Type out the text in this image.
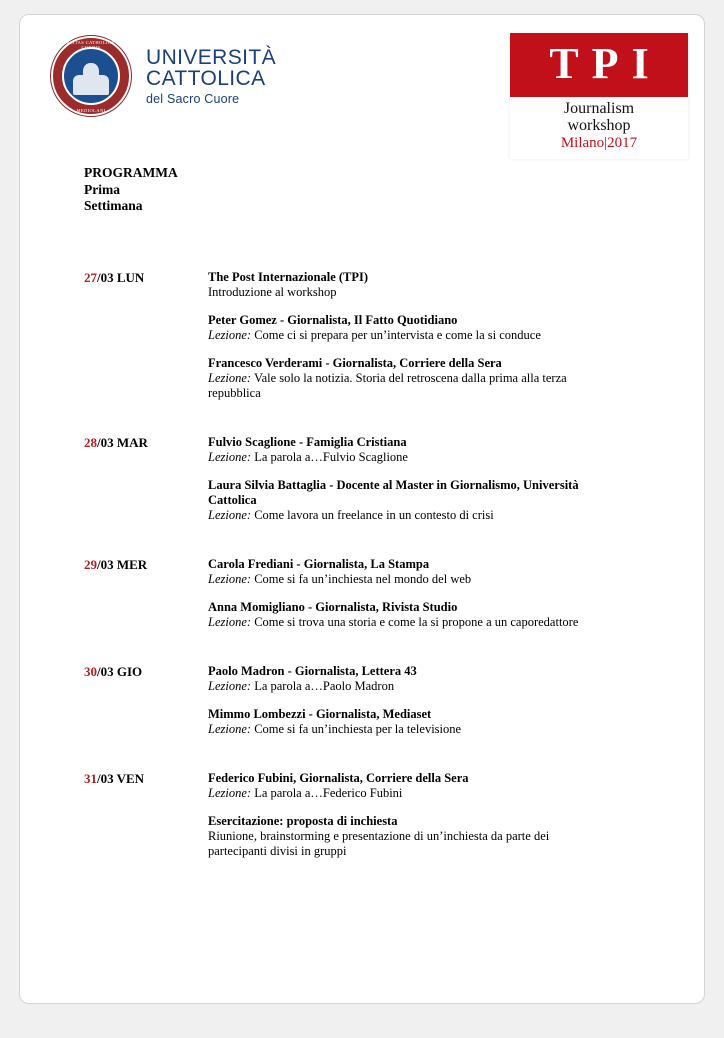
UNIVERSITAS CATHOLICA SACRI CORDIS
MEDIOLANI
UNIVERSITÀ
CATTOLICA
del Sacro Cuore
T P I
Journalism
workshop
Milano|2017
PROGRAMMA
Prima
Settimana
27/03 LUN	The Post Internazionale (TPI)
Introduzione al workshop
Peter Gomez - Giornalista, Il Fatto Quotidiano
Lezione: Come ci si prepara per un’intervista e come la si conduce
Francesco Verderami - Giornalista, Corriere della Sera
Lezione: Vale solo la notizia. Storia del retroscena dalla prima alla terza repubblica
28/03 MAR	Fulvio Scaglione - Famiglia Cristiana
Lezione: La parola a…Fulvio Scaglione
Laura Silvia Battaglia - Docente al Master in Giornalismo, Università Cattolica
Lezione: Come lavora un freelance in un contesto di crisi
29/03 MER	Carola Frediani - Giornalista, La Stampa
Lezione: Come si fa un’inchiesta nel mondo del web
Anna Momigliano - Giornalista, Rivista Studio
Lezione: Come si trova una storia e come la si propone a un caporedattore
30/03 GIO	Paolo Madron - Giornalista, Lettera 43
Lezione: La parola a…Paolo Madron
Mimmo Lombezzi - Giornalista, Mediaset
Lezione: Come si fa un’inchiesta per la televisione
31/03 VEN	Federico Fubini, Giornalista, Corriere della Sera
Lezione: La parola a…Federico Fubini
Esercitazione: proposta di inchiesta
Riunione, brainstorming e presentazione di un’inchiesta da parte dei partecipanti divisi in gruppi
